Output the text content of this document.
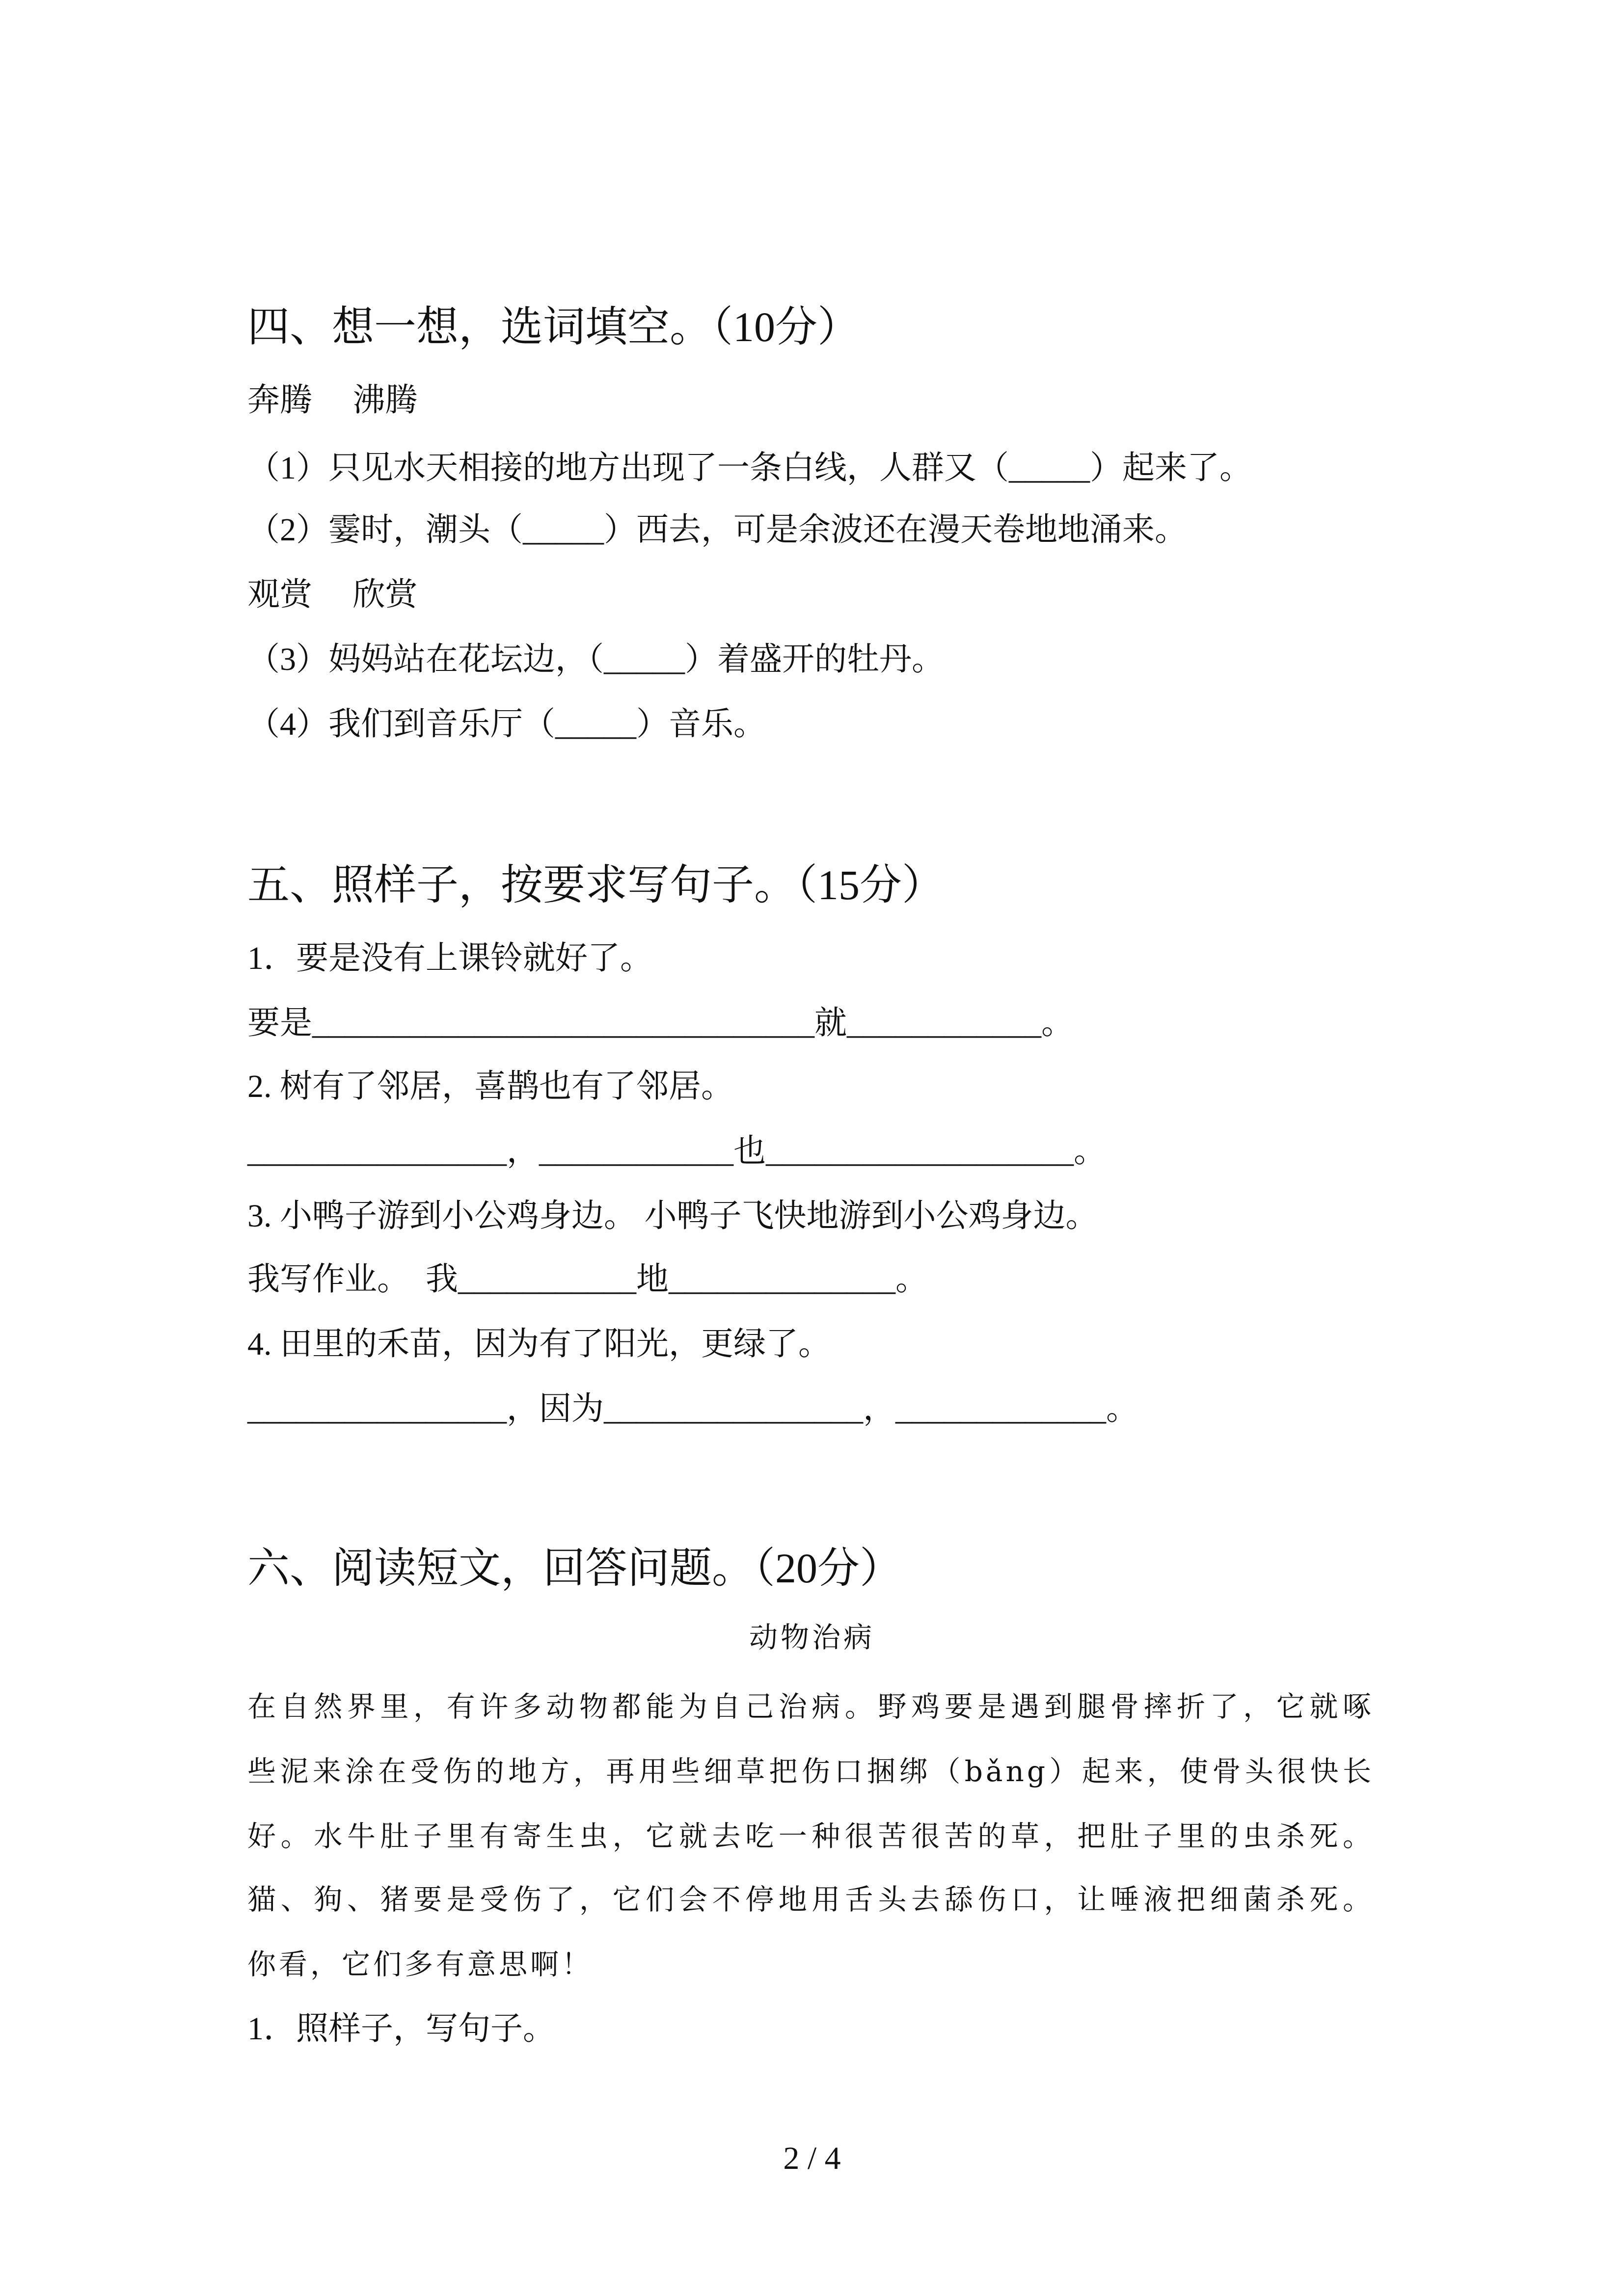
四、想一想，选词填空。（10分）
奔腾     沸腾
（1）只见水天相接的地方出现了一条白线，人群又（_____）起来了。
（2）霎时，潮头（_____）西去，可是余波还在漫天卷地地涌来。
观赏     欣赏
（3）妈妈站在花坛边，（_____）着盛开的牡丹。
（4）我们到音乐厅（_____）音乐。
五、照样子，按要求写句子。（15分）
1．要是没有上课铃就好了。
要是_______________________________就____________。
2. 树有了邻居，喜鹊也有了邻居。
________________，____________也___________________。
3. 小鸭子游到小公鸡身边。 小鸭子飞快地游到小公鸡身边。
我写作业。　我___________地______________。
4. 田里的禾苗，因为有了阳光，更绿了。
________________，因为________________，_____________。
六、阅读短文，回答问题。（20分）
动物治病
在自然界里，有许多动物都能为自己治病。野鸡要是遇到腿骨摔折了，它就啄
些泥来涂在受伤的地方，再用些细草把伤口捆绑（bǎng）起来，使骨头很快长
好。水牛肚子里有寄生虫，它就去吃一种很苦很苦的草，把肚子里的虫杀死。
猫、狗、猪要是受伤了，它们会不停地用舌头去舔伤口，让唾液把细菌杀死。
你看，它们多有意思啊！
1．照样子，写句子。
2 / 4
